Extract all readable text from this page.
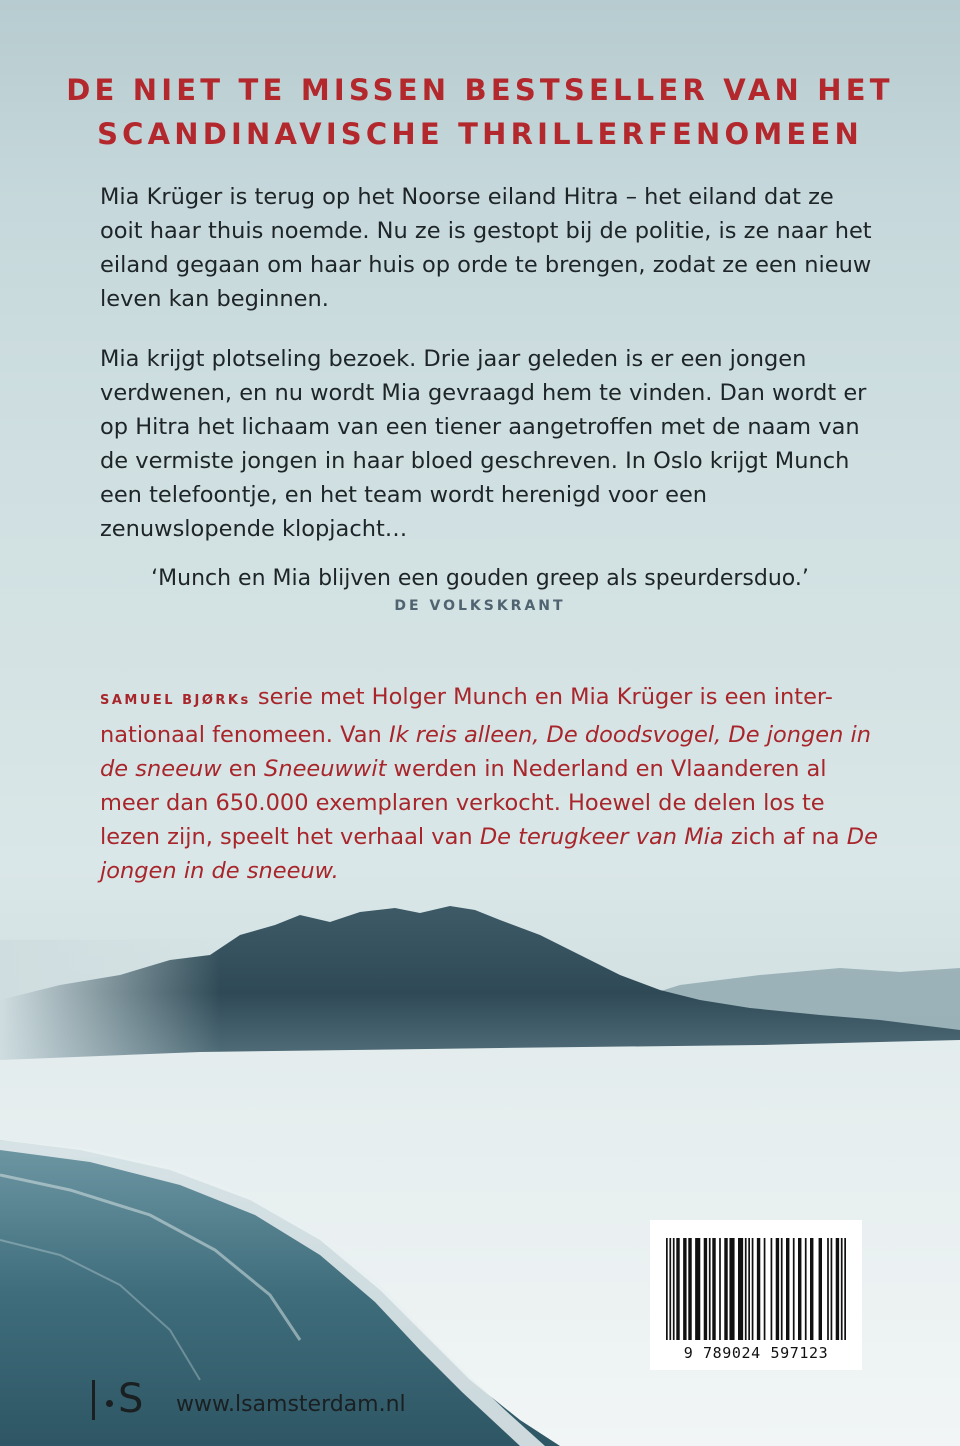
DE NIET TE MISSEN BESTSELLER VAN HET
SCANDINAVISCHE THRILLERFENOMEEN
Mia Krüger is terug op het Noorse eiland Hitra – het eiland dat ze ooit haar thuis noemde. Nu ze is gestopt bij de politie, is ze naar het eiland gegaan om haar huis op orde te brengen, zodat ze een nieuw leven kan beginnen.
Mia krijgt plotseling bezoek. Drie jaar geleden is er een jongen verdwenen, en nu wordt Mia gevraagd hem te vinden. Dan wordt er op Hitra het lichaam van een tiener aangetroffen met de naam van de vermiste jongen in haar bloed geschreven. In Oslo krijgt Munch een telefoontje, en het team wordt herenigd voor een zenuwslopende klopjacht…
‘Munch en Mia blijven een gouden greep als speurdersduo.’
DE VOLKSKRANT
SAMUEL BJØRKs serie met Holger Munch en Mia Krüger is een inter-nationaal fenomeen. Van Ik reis alleen, De doodsvogel, De jongen in de sneeuw en Sneeuwwit werden in Nederland en Vlaanderen al meer dan 650.000 exemplaren verkocht. Hoewel de delen los te lezen zijn, speelt het verhaal van De terugkeer van Mia zich af na De jongen in de sneeuw.
9 789024 597123
S www.lsamsterdam.nl
